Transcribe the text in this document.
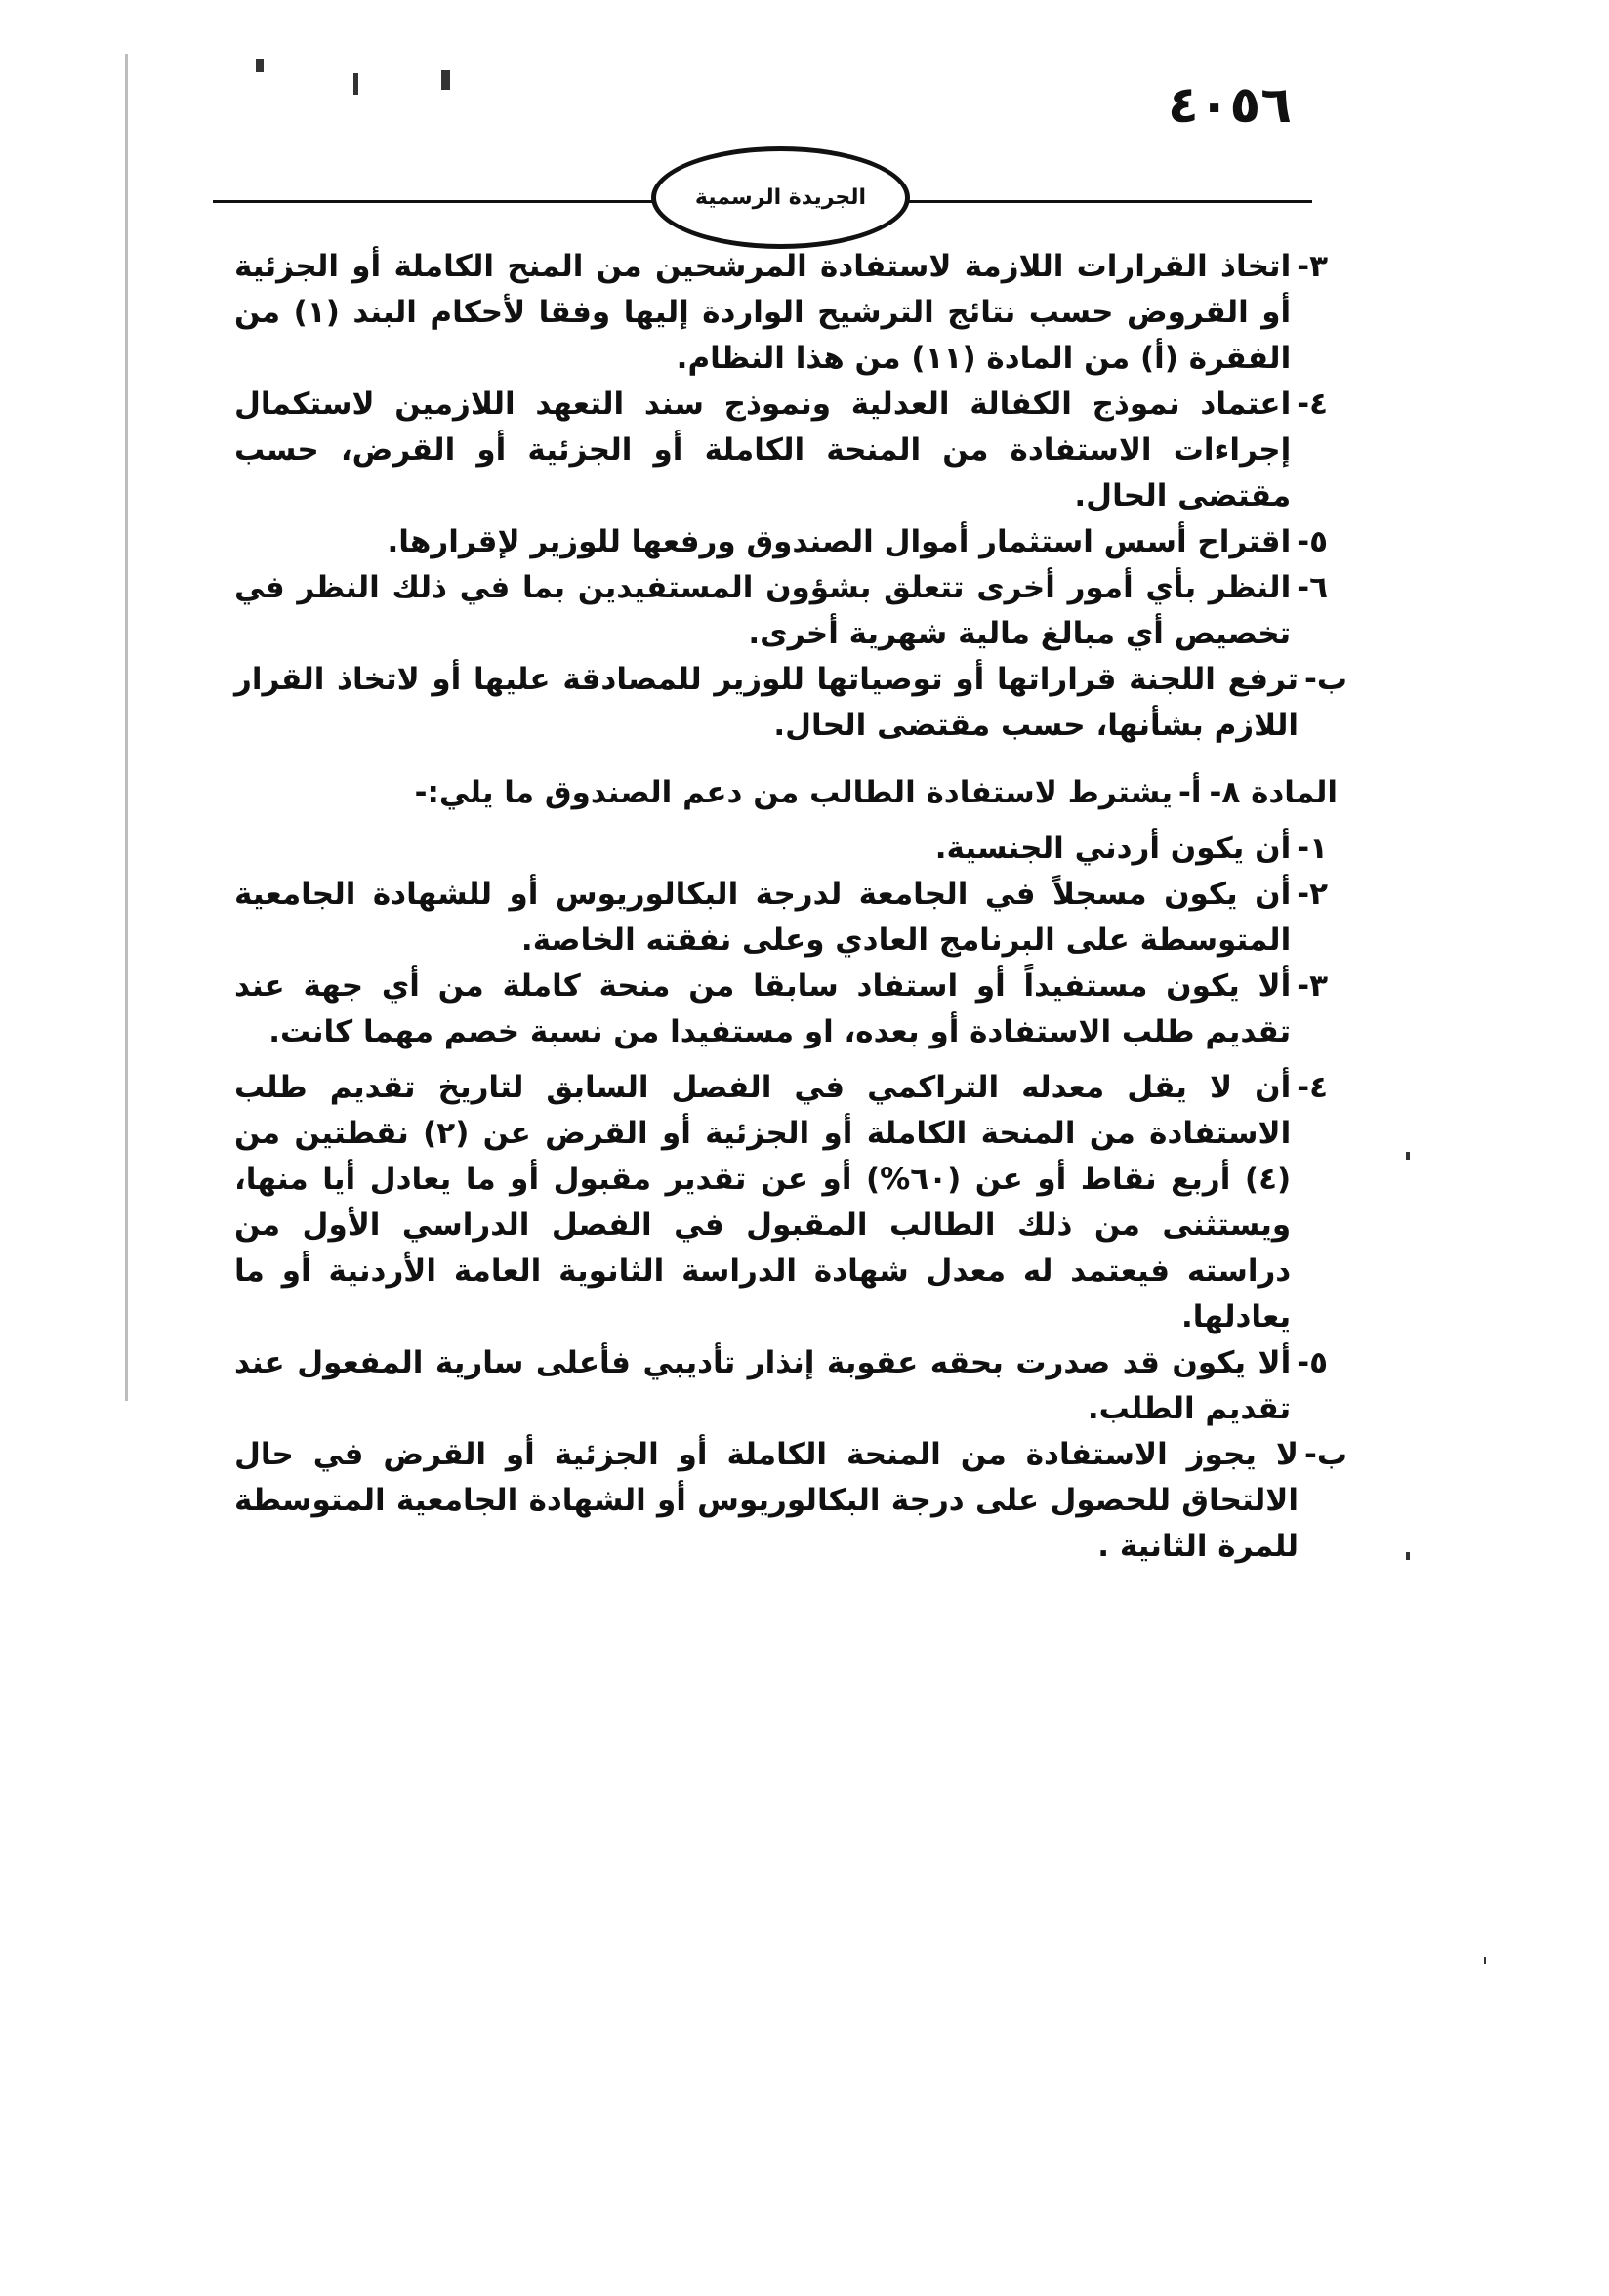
٤٠٥٦
الجريدة الرسمية
٣-
اتخاذ القرارات اللازمة لاستفادة المرشحين من المنح الكاملة أو الجزئية أو القروض حسب نتائج الترشيح الواردة إليها وفقا لأحكام البند (١) من الفقرة (أ) من المادة (١١) من هذا النظام.
٤-
اعتماد نموذج الكفالة العدلية ونموذج سند التعهد اللازمين لاستكمال إجراءات الاستفادة من المنحة الكاملة أو الجزئية أو القرض، حسب مقتضى الحال.
٥-
اقتراح أسس استثمار أموال الصندوق ورفعها للوزير لإقرارها.
٦-
النظر بأي أمور أخرى تتعلق بشؤون المستفيدين بما في ذلك النظر في تخصيص أي مبالغ مالية شهرية أخرى.
ب-
ترفع اللجنة قراراتها أو توصياتها للوزير للمصادقة عليها أو لاتخاذ القرار اللازم بشأنها، حسب مقتضى الحال.
المادة ٨-
أ-
يشترط لاستفادة الطالب من دعم الصندوق ما يلي:-
١-
أن يكون أردني الجنسية.
٢-
أن يكون مسجلاً في الجامعة لدرجة البكالوريوس أو للشهادة الجامعية المتوسطة على البرنامج العادي وعلى نفقته الخاصة.
٣-
ألا يكون مستفيداً أو استفاد سابقا من منحة كاملة من أي جهة عند تقديم طلب الاستفادة أو بعده، او مستفيدا من نسبة خصم مهما كانت.
٤-
أن لا يقل معدله التراكمي في الفصل السابق لتاريخ تقديم طلب الاستفادة من المنحة الكاملة أو الجزئية أو القرض عن (٢) نقطتين من (٤) أربع نقاط أو عن (٦٠%) أو عن تقدير مقبول أو ما يعادل أيا منها، ويستثنى من ذلك الطالب المقبول في الفصل الدراسي الأول من دراسته فيعتمد له معدل شهادة الدراسة الثانوية العامة الأردنية أو ما يعادلها.
٥-
ألا يكون قد صدرت بحقه عقوبة إنذار تأديبي فأعلى سارية المفعول عند تقديم الطلب.
ب-
لا يجوز الاستفادة من المنحة الكاملة أو الجزئية أو القرض في حال الالتحاق للحصول على درجة البكالوريوس أو الشهادة الجامعية المتوسطة للمرة الثانية .
